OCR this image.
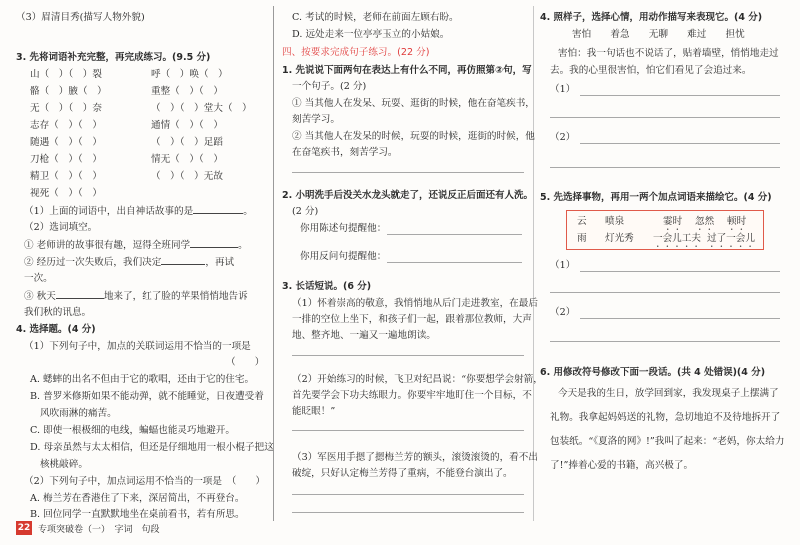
（3）眉清目秀(描写人物外貌)
3. 先将词语补充完整，再完成练习。(9.5 分)
山（　）（　）裂	呼（　）唤（　）
骼（　）腋（　）	重整（　）（　）
无（　）（　）奈	（　）（　）堂大（　）
志存（　）（　）	通情（　）（　）
随遇（　）（　）	（　）（　）足蹈
刀枪（　）（　）	情无（　）（　）
精卫（　）（　）	（　）（　）无故
视死（　）（　）
（1）上面的词语中，出自神话故事的是	。
（2）选词填空。
① 老师讲的故事很有趣，逗得全班同学	。
② 经历过一次失败后，我们决定	，再试
一次。
③ 秋天	地来了，红了脸的苹果悄悄地告诉
我们秋的讯息。
4. 选择题。(4 分)
（1）下列句子中，加点的关联词运用不恰当的一项是
（　　）
A. 蟋蟀的出名不但由于它的歌唱，还由于它的住宅。
B. 普罗米修斯如果不能动弹，就不能睡觉，日夜遭受着
风吹雨淋的痛苦。
C. 即使一根极细的电线，蝙蝠也能灵巧地避开。
D. 母亲虽然与太太相信，但还是仔细地用一根小棍子把这
核桃敲碎。
（2）下列句子中，加点词运用不恰当的一项是　（　　）
A. 梅兰芳在香港住了下来，深居简出，不再登台。
B. 回位同学一直默默地坐在桌前看书，若有所思。
C. 考试的时候，老师在前面左顾右盼。
D. 远处走来一位亭亭玉立的小姑娘。
四、按要求完成句子练习。(22 分)
1. 先说说下面两句在表达上有什么不同，再仿照第②句，写
一个句子。(2 分)
① 当其他人在发呆、玩耍、逛街的时候，他在奋笔疾书，
刻苦学习。
② 当其他人在发呆的时候，玩耍的时候，逛街的时候，他
在奋笔疾书，刻苦学习。
2. 小明洗手后没关水龙头就走了，还说反正后面还有人洗。
(2 分)
你用陈述句提醒他：
你用反问句提醒他：
3. 长话短说。(6 分)
（1）怀着崇高的敬意，我悄悄地从后门走进教室，在最后
一排的空位上坐下，和孩子们一起，跟着那位教师，大声
地、整齐地、一遍又一遍地朗读。
（2）开始练习的时候，飞卫对纪昌说：“你要想学会射箭，
首先要学会下功夫练眼力。你要牢牢地盯住一个目标，不
能眨眼！”
（3）军医用手摁了摁梅兰芳的额头，滚烫滚烫的，看不出
破绽，只好认定梅兰芳得了重病，不能登台演出了。
4. 照样子，选择心情，用动作描写来表现它。(4 分)
害怕　　着急　　无聊　　难过　　担忧
害怕：我一句话也不说话了，贴着墙壁，悄悄地走过
去。我的心里很害怕，怕它们看见了会追过来。
（1）
（2）
5. 先选择事物，再用一两个加点词语来描绘它。(4 分)
云 喷泉	霎时 忽然 顿时
雨 灯光秀 一会儿工夫 过了一会儿
（1）
（2）
6. 用修改符号修改下面一段话。(共 4 处错误)(4 分)
今天是我的生日，放学回到家，我发现桌子上摆满了
礼物。我拿起妈妈送的礼物，急切地迫不及待地拆开了
包装纸。“《夏洛的网》!”我叫了起来：“老妈，你太给力
了!”捧着心爱的书籍，高兴极了。
22 专项突破卷（一）　字词　句段
